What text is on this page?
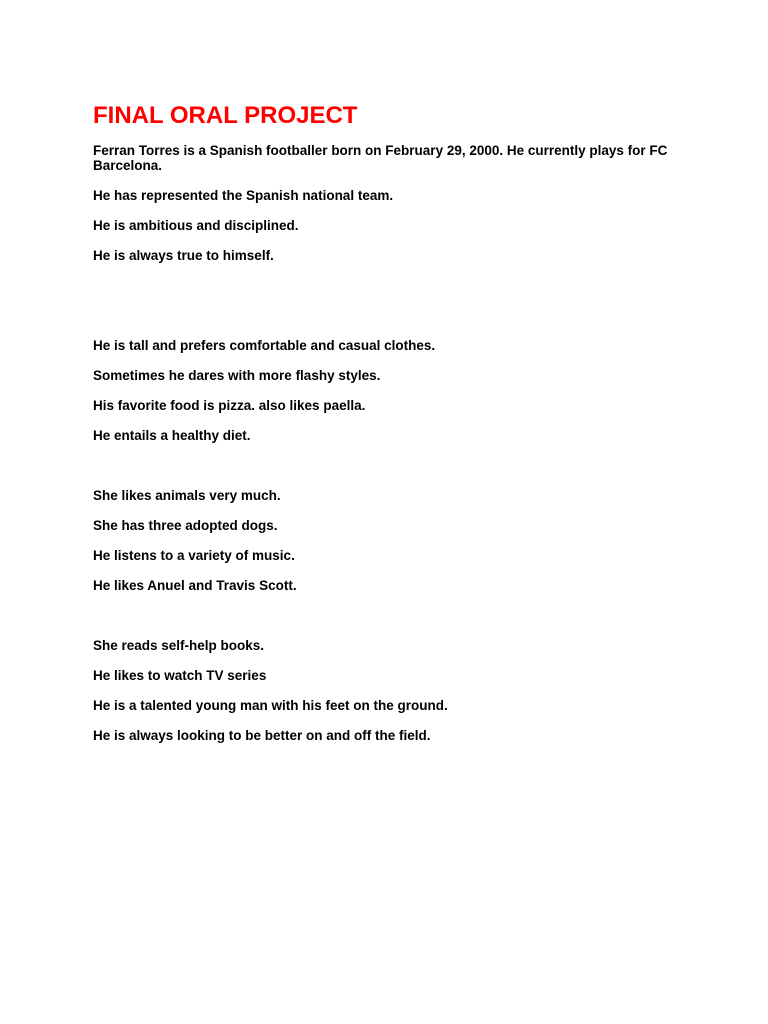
FINAL ORAL PROJECT

Ferran Torres is a Spanish footballer born on February 29, 2000. He currently plays for FC Barcelona.

He has represented the Spanish national team.

He is ambitious and disciplined.

He is always true to himself.

He is tall and prefers comfortable and casual clothes.

Sometimes he dares with more flashy styles.

His favorite food is pizza. also likes paella.

He entails a healthy diet.

She likes animals very much.

She has three adopted dogs.

He listens to a variety of music.

He likes Anuel and Travis Scott.

She reads self-help books.

He likes to watch TV series

He is a talented young man with his feet on the ground.

He is always looking to be better on and off the field.
